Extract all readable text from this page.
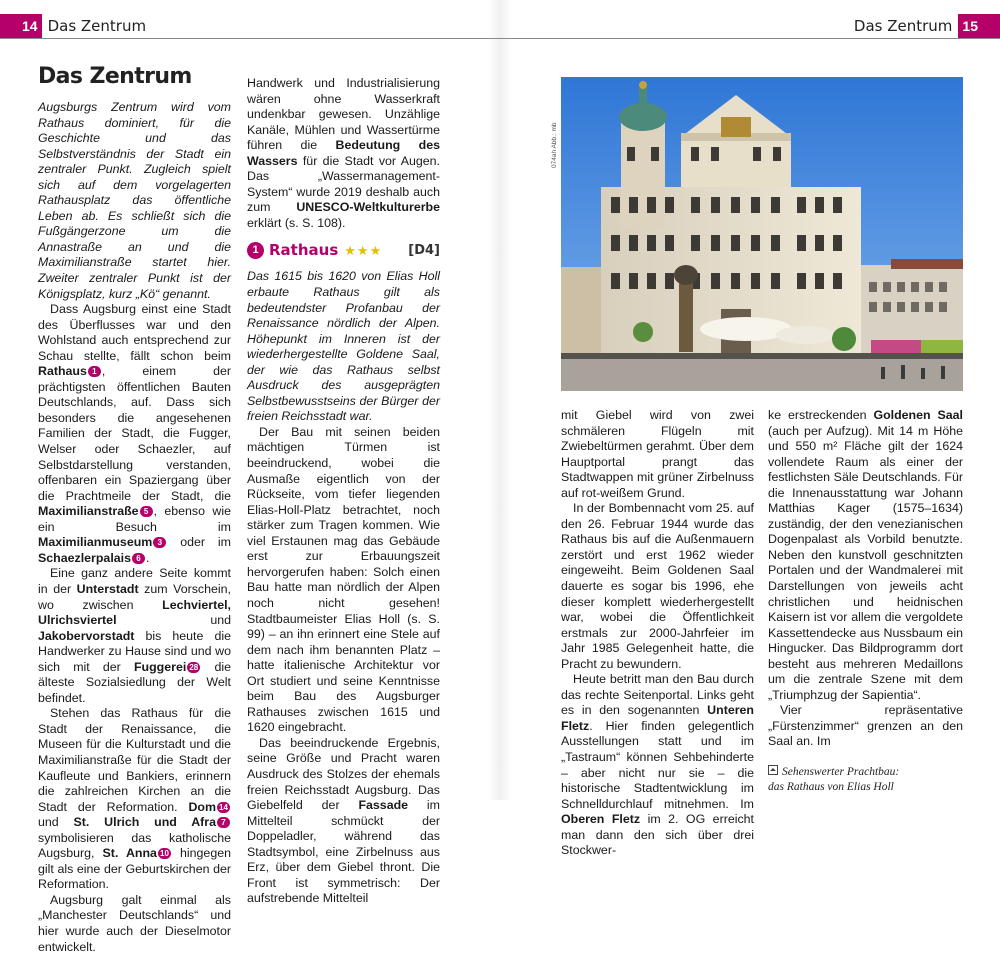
14 Das Zentrum
Das Zentrum

Augsburgs Zentrum wird vom Rathaus dominiert, für die Geschichte und das Selbstverständnis der Stadt ein zentraler Punkt. Zugleich spielt sich auf dem vorgelagerten Rathausplatz das öffentliche Leben ab. Es schließt sich die Fußgängerzone um die Annastraße an und die Maximilianstraße startet hier. Zweiter zentraler Punkt ist der Königsplatz, kurz „Kö“ genannt.

Dass Augsburg einst eine Stadt des Überflusses war und den Wohlstand auch entsprechend zur Schau stellte, fällt schon beim Rathaus 1 , einem der prächtigsten öffentlichen Bauten Deutschlands, auf. Dass sich besonders die angesehenen Familien der Stadt, die Fugger, Welser oder Schaezler, auf Selbstdarstellung verstanden, offenbaren ein Spaziergang über die Prachtmeile der Stadt, die Maximilianstraße 5 , ebenso wie ein Besuch im Maximilianmuseum 3 oder im Schaezlerpalais 6 .

Eine ganz andere Seite kommt in der Unterstadt zum Vorschein, wo zwischen Lechviertel, Ulrichsviertel und Jakobervorstadt bis heute die Handwerker zu Hause sind und wo sich mit der Fuggerei 28 die älteste Sozialsiedlung der Welt befindet.

Stehen das Rathaus für die Stadt der Renaissance, die Museen für die Kulturstadt und die Maximilianstraße für die Stadt der Kaufleute und Bankiers, erinnern die zahlreichen Kirchen an die Stadt der Reformation. Dom 14 und St. Ulrich und Afra 7 symbolisieren das katholische Augsburg, St. Anna 10 hingegen gilt als eine der Geburtskirchen der Reformation.

Augsburg galt einmal als „Manchester Deutschlands“ und hier wurde auch der Dieselmotor entwickelt.

Handwerk und Industrialisierung wären ohne Wasserkraft undenkbar gewesen. Unzählige Kanäle, Mühlen und Wassertürme führen die Bedeutung des Wassers für die Stadt vor Augen. Das „Wassermanagement-System“ wurde 2019 deshalb auch zum UNESCO-Weltkulturerbe erklärt (s. S. 108).

1 Rathaus ★★★ [D4]

Das 1615 bis 1620 von Elias Holl erbaute Rathaus gilt als bedeutendster Profanbau der Renaissance nördlich der Alpen. Höhepunkt im Inneren ist der wiederhergestellte Goldene Saal, der wie das Rathaus selbst Ausdruck des ausgeprägten Selbstbewusstseins der Bürger der freien Reichsstadt war.

Der Bau mit seinen beiden mächtigen Türmen ist beeindruckend, wobei die Ausmaße eigentlich von der Rückseite, vom tiefer liegenden Elias-Holl-Platz betrachtet, noch stärker zum Tragen kommen. Wie viel Erstaunen mag das Gebäude erst zur Erbauungszeit hervorgerufen haben: Solch einen Bau hatte man nördlich der Alpen noch nicht gesehen! Stadtbaumeister Elias Holl (s. S. 99) – an ihn erinnert eine Stele auf dem nach ihm benannten Platz – hatte italienische Architektur vor Ort studiert und seine Kenntnisse beim Bau des Augsburger Rathauses zwischen 1615 und 1620 eingebracht.

Das beeindruckende Ergebnis, seine Größe und Pracht waren Ausdruck des Stolzes der ehemals freien Reichsstadt Augsburg. Das Giebelfeld der Fassade im Mittelteil schmückt der Doppeladler, während das Stadtsymbol, eine Zirbelnuss aus Erz, über dem Giebel thront. Die Front ist symmetrisch: Der aufstrebende Mittelteil

Das Zentrum 15
074ah Abb.: mb

mit Giebel wird von zwei schmäleren Flügeln mit Zwiebeltürmen gerahmt. Über dem Hauptportal prangt das Stadtwappen mit grüner Zirbelnuss auf rot-weißem Grund.

In der Bombennacht vom 25. auf den 26. Februar 1944 wurde das Rathaus bis auf die Außenmauern zerstört und erst 1962 wieder eingeweiht. Beim Goldenen Saal dauerte es sogar bis 1996, ehe dieser komplett wiederhergestellt war, wobei die Öffentlichkeit erstmals zur 2000-Jahrfeier im Jahr 1985 Gelegenheit hatte, die Pracht zu bewundern.

Heute betritt man den Bau durch das rechte Seitenportal. Links geht es in den sogenannten Unteren Fletz. Hier finden gelegentlich Ausstellungen statt und im „Tastraum“ können Sehbehinderte – aber nicht nur sie – die historische Stadtentwicklung im Schnelldurchlauf mitnehmen. Im Oberen Fletz im 2. OG erreicht man dann den sich über drei Stockwer-

ke erstreckenden Goldenen Saal (auch per Aufzug). Mit 14 m Höhe und 550 m² Fläche gilt der 1624 vollendete Raum als einer der festlichsten Säle Deutschlands. Für die Innenausstattung war Johann Matthias Kager (1575–1634) zuständig, der den venezianischen Dogenpalast als Vorbild benutzte. Neben den kunstvoll geschnitzten Portalen und der Wandmalerei mit Darstellungen von jeweils acht christlichen und heidnischen Kaisern ist vor allem die vergoldete Kassettendecke aus Nussbaum ein Hingucker. Das Bildprogramm dort besteht aus mehreren Medaillons um die zentrale Szene mit dem „Triumphzug der Sapientia“.

Vier repräsentative „Fürstenzimmer“ grenzen an den Saal an. Im

Sehenswerter Prachtbau:
das Rathaus von Elias Holl
